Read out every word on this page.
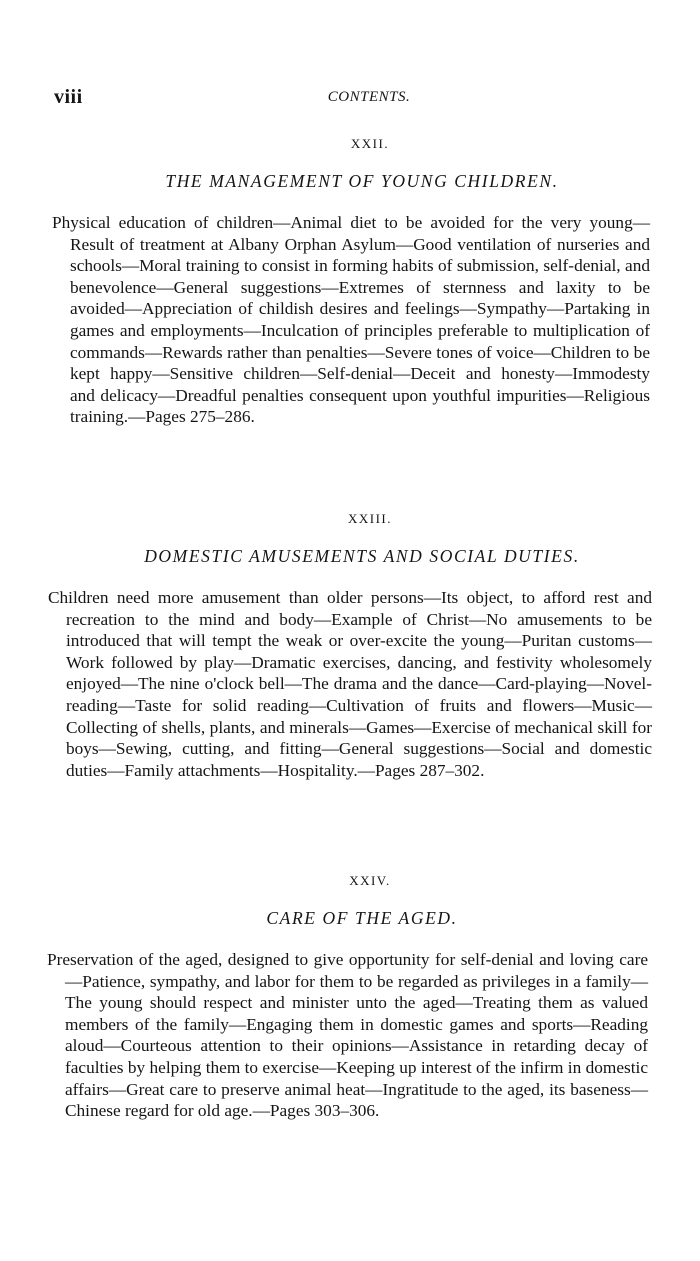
viii	CONTENTS.
XXII.
THE MANAGEMENT OF YOUNG CHILDREN.

Physical education of children—Animal diet to be avoided for the very young—Result of treatment at Albany Orphan Asylum—Good ventilation of nurseries and schools—Moral training to consist in forming habits of submission, self-denial, and benevolence—General suggestions—Extremes of sternness and laxity to be avoided—Appreciation of childish desires and feelings—Sympathy—Partaking in games and employments—Inculcation of principles preferable to multiplication of commands—Rewards rather than penalties—Severe tones of voice—Children to be kept happy—Sensitive children—Self-denial—Deceit and honesty—Immodesty and delicacy—Dreadful penalties consequent upon youthful impurities—Religious training.—Pages 275–286.

XXIII.
DOMESTIC AMUSEMENTS AND SOCIAL DUTIES.

Children need more amusement than older persons—Its object, to afford rest and recreation to the mind and body—Example of Christ—No amusements to be introduced that will tempt the weak or over-excite the young—Puritan customs—Work followed by play—Dramatic exercises, dancing, and festivity wholesomely enjoyed—The nine o'clock bell—The drama and the dance—Card-playing—Novel-reading—Taste for solid reading—Cultivation of fruits and flowers—Music—Collecting of shells, plants, and minerals—Games—Exercise of mechanical skill for boys—Sewing, cutting, and fitting—General suggestions—Social and domestic duties—Family attachments—Hospitality.—Pages 287–302.

XXIV.
CARE OF THE AGED.

Preservation of the aged, designed to give opportunity for self-denial and loving care—Patience, sympathy, and labor for them to be regarded as privileges in a family—The young should respect and minister unto the aged—Treating them as valued members of the family—Engaging them in domestic games and sports—Reading aloud—Courteous attention to their opinions—Assistance in retarding decay of faculties by helping them to exercise—Keeping up interest of the infirm in domestic affairs—Great care to preserve animal heat—Ingratitude to the aged, its baseness—Chinese regard for old age.—Pages 303–306.
